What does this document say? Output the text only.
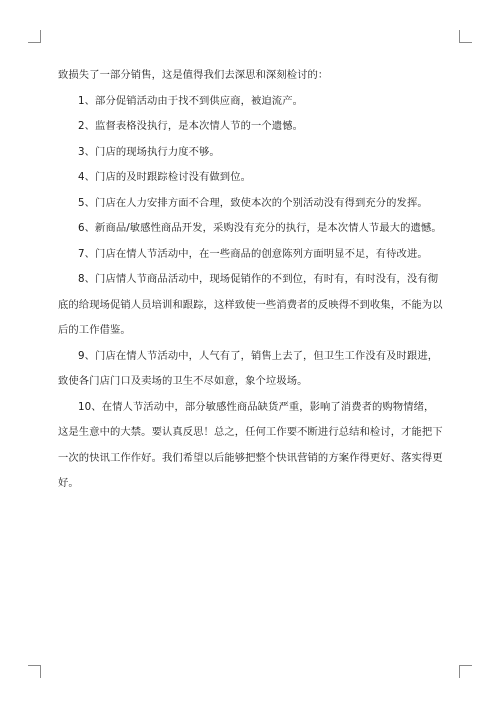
致损失了一部分销售，这是值得我们去深思和深刻检讨的：

1、部分促销活动由于找不到供应商，被迫流产。

2、监督表格没执行，是本次情人节的一个遗憾。

3、门店的现场执行力度不够。

4、门店的及时跟踪检讨没有做到位。

5、门店在人力安排方面不合理，致使本次的个别活动没有得到充分的发挥。

6、新商品/敏感性商品开发，采购没有充分的执行，是本次情人节最大的遗憾。

7、门店在情人节活动中，在一些商品的创意陈列方面明显不足，有待改进。

8、门店情人节商品活动中，现场促销作的不到位，有时有，有时没有，没有彻底的给现场促销人员培训和跟踪，这样致使一些消费者的反映得不到收集，不能为以后的工作借鉴。

9、门店在情人节活动中，人气有了，销售上去了，但卫生工作没有及时跟进，致使各门店门口及卖场的卫生不尽如意，象个垃圾场。

10、在情人节活动中，部分敏感性商品缺货严重，影响了消费者的购物情绪，这是生意中的大禁。要认真反思！总之，任何工作要不断进行总结和检讨，才能把下一次的快讯工作作好。我们希望以后能够把整个快讯营销的方案作得更好、落实得更好。
